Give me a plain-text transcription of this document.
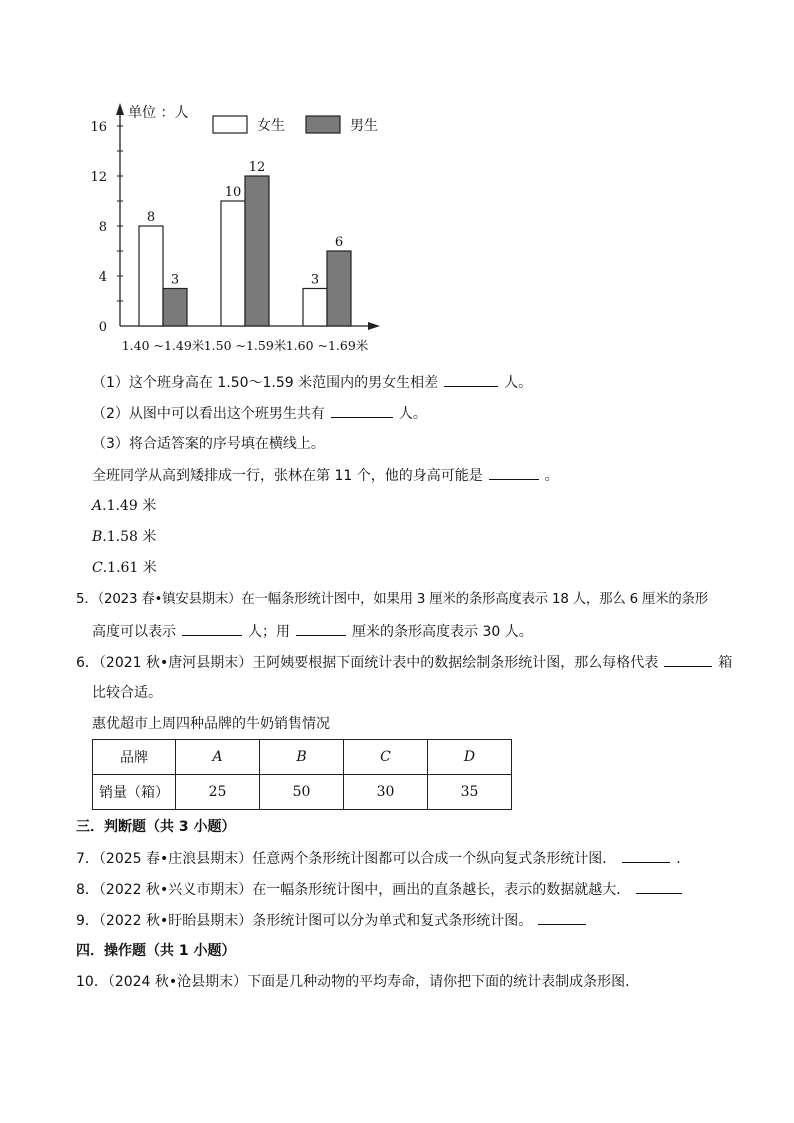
0
4
8
12
16
单位 ：人
女生	男生
8
3
1.40 ~1.49米
10
12
1.50 ~1.59米
3
6
1.60 ~1.69米
（1）这个班身高在 1.50～1.59 米范围内的男女生相差	人。
（2）从图中可以看出这个班男生共有	人。
（3）将合适答案的序号填在横线上。
全班同学从高到矮排成一行，张林在第 11 个，他的身高可能是	。
A.1.49 米
B.1.58 米
C.1.61 米
5．（2023 春•镇安县期末）在一幅条形统计图中，如果用 3 厘米的条形高度表示 18 人，那么 6 厘米的条形
高度可以表示	人；用	厘米的条形高度表示 30 人。
6．（2021 秋•唐河县期末）王阿姨要根据下面统计表中的数据绘制条形统计图，那么每格代表	箱
比较合适。
惠优超市上周四种品牌的牛奶销售情况
品牌	A	B	C	D
销量（箱）	25	50	30	35
三．判断题（共 3 小题）
7．（2025 春•庄浪县期末）任意两个条形统计图都可以合成一个纵向复式条形统计图．	.
8．（2022 秋•兴义市期末）在一幅条形统计图中，画出的直条越长，表示的数据就越大．
9．（2022 秋•盱眙县期末）条形统计图可以分为单式和复式条形统计图。
四．操作题（共 1 小题）
10．（2024 秋•沧县期末）下面是几种动物的平均寿命，请你把下面的统计表制成条形图．
